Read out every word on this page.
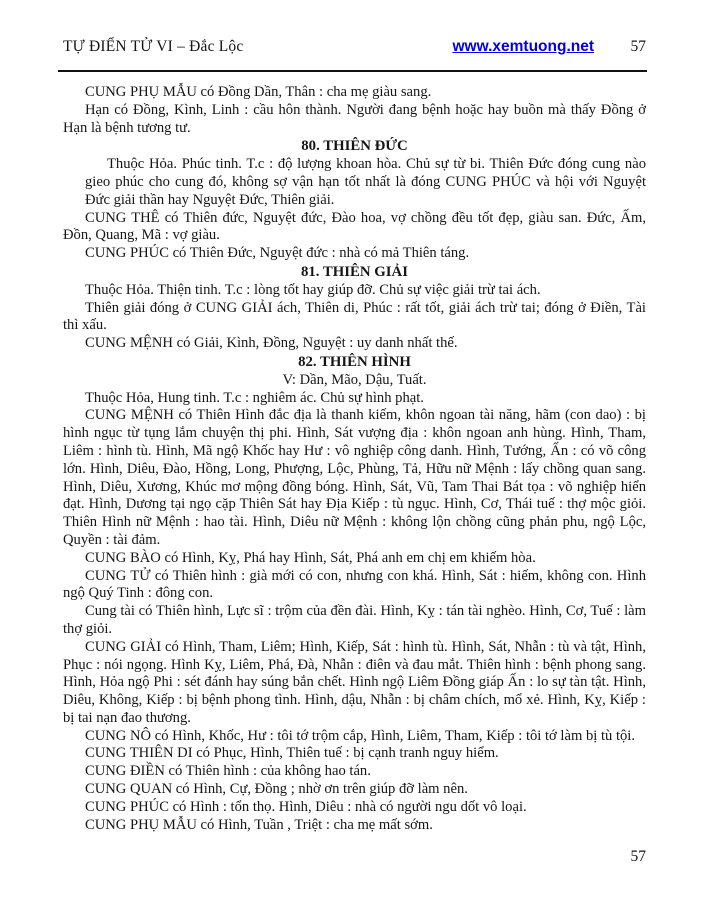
TỰ ĐIỂN TỬ VI – Đắc Lộc	www.xemtuong.net	57

CUNG PHỤ MẪU có Đồng Dần, Thân : cha mẹ giàu sang.

Hạn có Đồng, Kình, Linh : cầu hôn thành. Người đang bệnh hoặc hay buồn mà thấy Đồng ở Hạn là bệnh tương tư.

80. THIÊN ĐỨC

Thuộc Hỏa. Phúc tinh. T.c : độ lượng khoan hòa. Chủ sự từ bi. Thiên Đức đóng cung nào gieo phúc cho cung đó, không sợ vận hạn tốt nhất là đóng CUNG PHÚC và hội với Nguyệt Đức giải thần hay Nguyệt Đức, Thiên giải.

CUNG THÊ có Thiên đức, Nguyệt đức, Đào hoa, vợ chồng đều tốt đẹp, giàu san. Đức, Ấm, Đồn, Quang, Mã : vợ giàu.

CUNG PHÚC có Thiên Đức, Nguyệt đức : nhà có mả Thiên táng.

81. THIÊN GIẢI

Thuộc Hỏa. Thiện tinh. T.c : lòng tốt hay giúp đỡ. Chủ sự việc giải trừ tai ách.

Thiên giải đóng ở CUNG GIẢI ách, Thiên di, Phúc : rất tốt, giải ách trừ tai; đóng ở Điền, Tài thì xấu.

CUNG MỆNH có Giải, Kình, Đồng, Nguyệt : uy danh nhất thế.

82. THIÊN HÌNH

V: Dần, Mão, Dậu, Tuất.

Thuộc Hỏa, Hung tinh. T.c : nghiêm ác. Chủ sự hình phạt.

CUNG MỆNH có Thiên Hình đắc địa là thanh kiếm, khôn ngoan tài năng, hãm (con dao) : bị hình ngục từ tụng lắm chuyện thị phi. Hình, Sát vượng địa : khôn ngoan anh hùng. Hình, Tham, Liêm : hình tù. Hình, Mã ngộ Khốc hay Hư : vô nghiệp công danh. Hình, Tướng, Ấn : có võ công lớn. Hình, Diêu, Đào, Hồng, Long, Phượng, Lộc, Phùng, Tả, Hữu nữ Mệnh : lấy chồng quan sang. Hình, Diêu, Xương, Khúc mơ mộng đồng bóng. Hình, Sát, Vũ, Tam Thai Bát tọa : võ nghiệp hiển đạt. Hình, Dương tại ngọ cặp Thiên Sát hay Địa Kiếp : tù ngục. Hình, Cơ, Thái tuế : thợ mộc giỏi. Thiên Hình nữ Mệnh : hao tài. Hình, Diêu nữ Mệnh : không lộn chồng cũng phản phu, ngộ Lộc, Quyền : tài đảm.

CUNG BÀO có Hình, Kỵ, Phá hay Hình, Sát, Phá anh em chị em khiếm hòa.

CUNG TỬ có Thiên hình : già mới có con, nhưng con khá. Hình, Sát : hiếm, không con. Hình ngộ Quý Tinh : đông con.

Cung tài có Thiên hình, Lực sĩ : trộm của đền đài. Hình, Kỵ : tán tài nghèo. Hình, Cơ, Tuế : làm thợ giỏi.

CUNG GIẢI có Hình, Tham, Liêm; Hình, Kiếp, Sát : hình tù. Hình, Sát, Nhẫn : tù và tật, Hình, Phục : nói ngọng. Hình Kỵ, Liêm, Phá, Đà, Nhẫn : điên và đau mắt. Thiên hình : bệnh phong sang. Hình, Hỏa ngộ Phi : sét đánh hay súng bắn chết. Hình ngộ Liêm Đồng giáp Ấn : lo sự tàn tật. Hình, Diêu, Không, Kiếp : bị bệnh phong tình. Hình, dậu, Nhẫn : bị châm chích, mổ xẻ. Hình, Kỵ, Kiếp : bị tai nạn đao thương.

CUNG NÔ có Hình, Khốc, Hư : tôi tớ trộm cắp, Hình, Liêm, Tham, Kiếp : tôi tớ làm bị tù tội.

CUNG THIÊN DI có Phục, Hình, Thiên tuế : bị cạnh tranh nguy hiểm.

CUNG ĐIỀN có Thiên hình : của không hao tán.

CUNG QUAN có Hình, Cự, Đồng ; nhờ ơn trên giúp đỡ làm nên.

CUNG PHÚC có Hình : tổn thọ. Hình, Diêu : nhà có người ngu dốt vô loại.

CUNG PHỤ MẪU có Hình, Tuần , Triệt : cha mẹ mất sớm.

57
